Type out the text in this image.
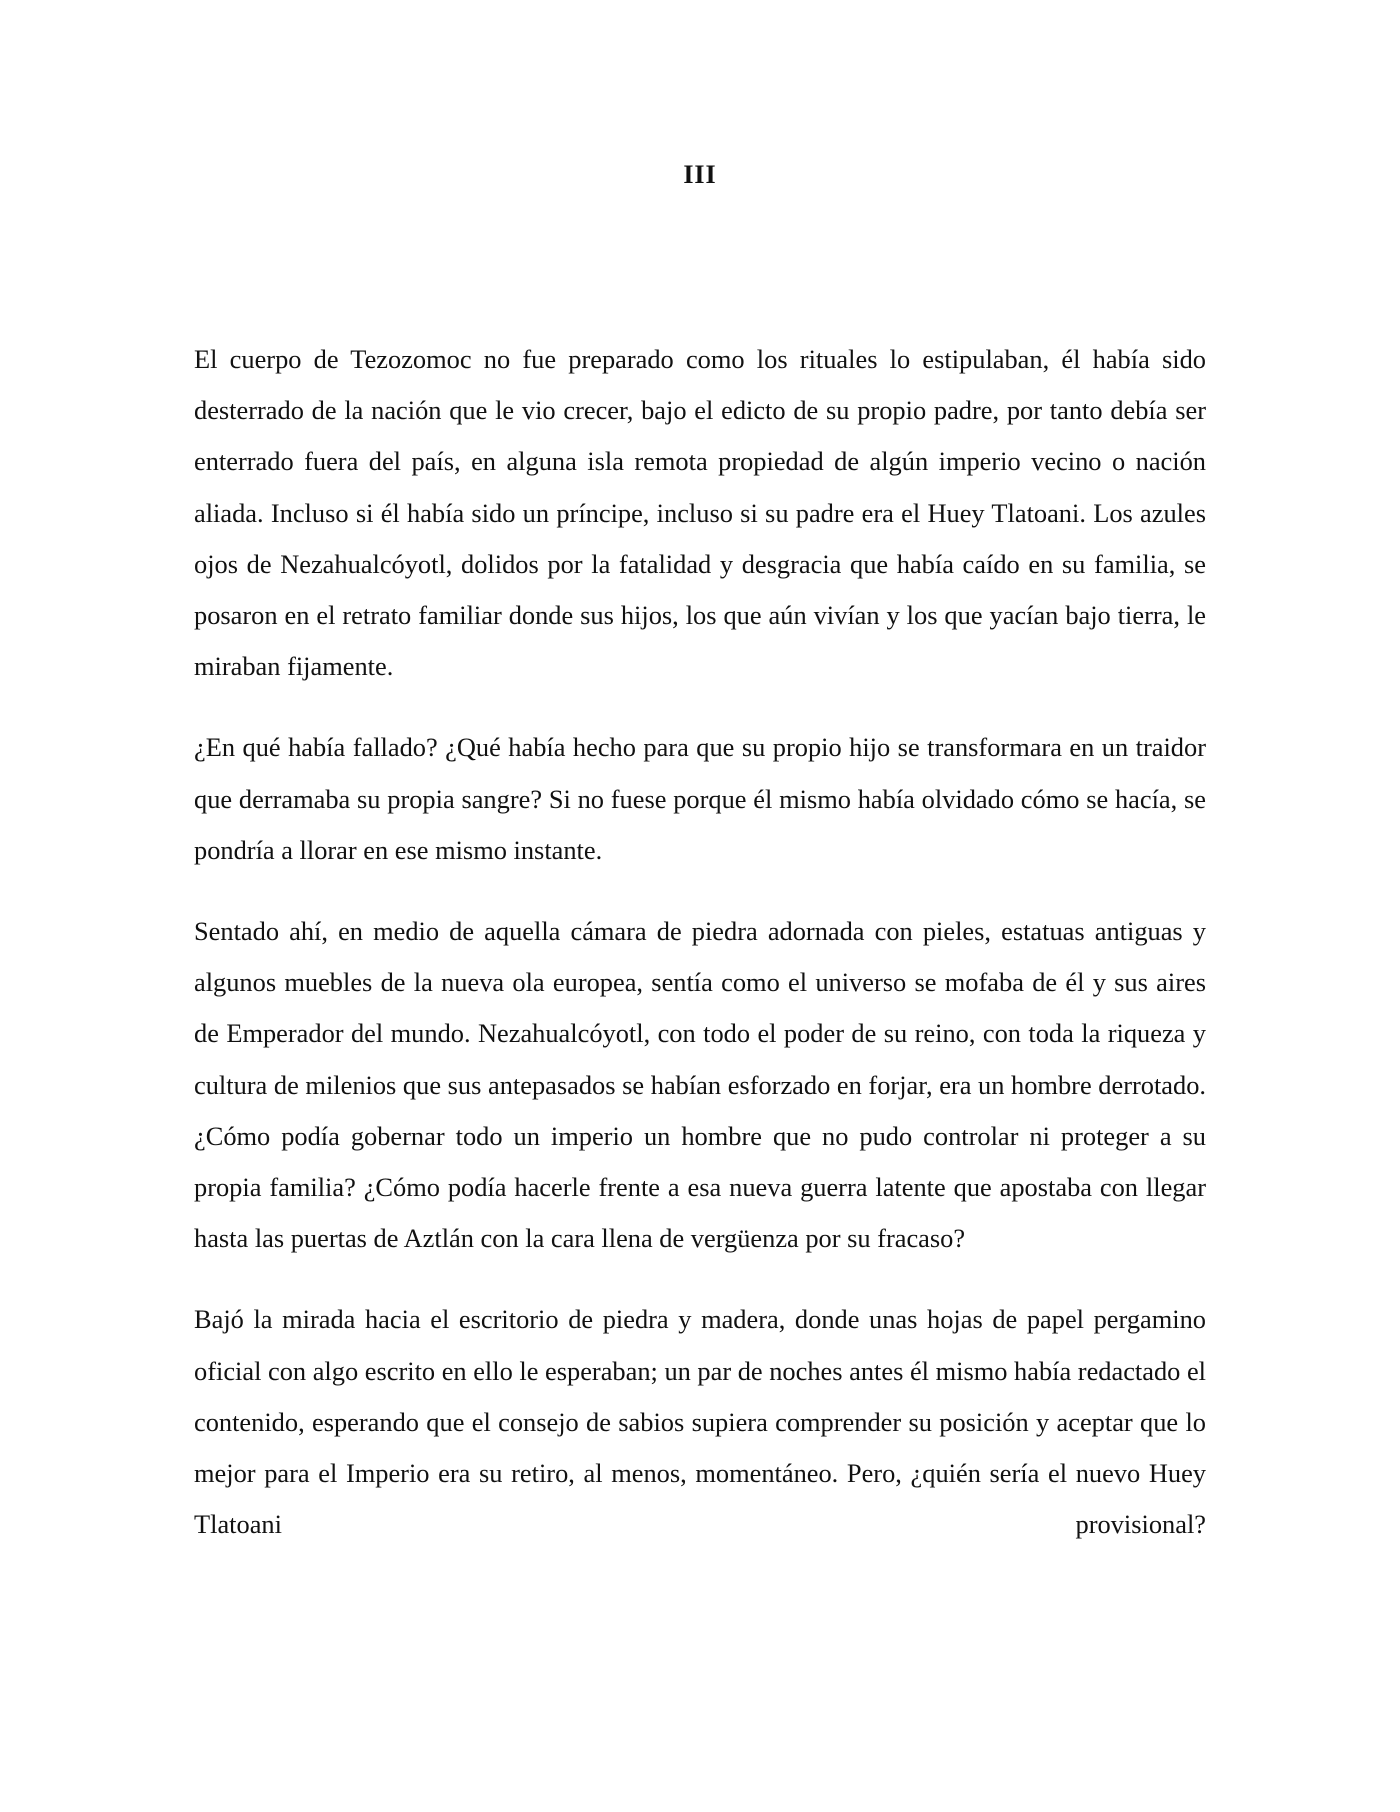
III

El cuerpo de Tezozomoc no fue preparado como los rituales lo estipulaban, él había sido desterrado de la nación que le vio crecer, bajo el edicto de su propio padre, por tanto debía ser enterrado fuera del país, en alguna isla remota propiedad de algún imperio vecino o nación aliada. Incluso si él había sido un príncipe, incluso si su padre era el Huey Tlatoani. Los azules ojos de Nezahualcóyotl, dolidos por la fatalidad y desgracia que había caído en su familia, se posaron en el retrato familiar donde sus hijos, los que aún vivían y los que yacían bajo tierra, le miraban fijamente.

¿En qué había fallado? ¿Qué había hecho para que su propio hijo se transformara en un traidor que derramaba su propia sangre? Si no fuese porque él mismo había olvidado cómo se hacía, se pondría a llorar en ese mismo instante.

Sentado ahí, en medio de aquella cámara de piedra adornada con pieles, estatuas antiguas y algunos muebles de la nueva ola europea, sentía como el universo se mofaba de él y sus aires de Emperador del mundo. Nezahualcóyotl, con todo el poder de su reino, con toda la riqueza y cultura de milenios que sus antepasados se habían esforzado en forjar, era un hombre derrotado. ¿Cómo podía gobernar todo un imperio un hombre que no pudo controlar ni proteger a su propia familia? ¿Cómo podía hacerle frente a esa nueva guerra latente que apostaba con llegar hasta las puertas de Aztlán con la cara llena de vergüenza por su fracaso?

Bajó la mirada hacia el escritorio de piedra y madera, donde unas hojas de papel pergamino oficial con algo escrito en ello le esperaban; un par de noches antes él mismo había redactado el contenido, esperando que el consejo de sabios supiera comprender su posición y aceptar que lo mejor para el Imperio era su retiro, al menos, momentáneo. Pero, ¿quién sería el nuevo Huey Tlatoani provisional?
